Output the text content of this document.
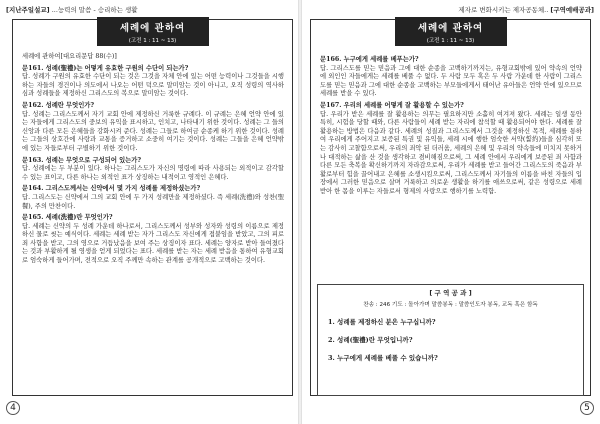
[지난주일설교] ...능력의 말씀 - 승리하는 생활
세례에 관하여
(고전 1 : 11 ~ 13)

세례에 관하여[대요리문답 88(수)]

문161. 성례(聖禮)는 어떻게 유효한 구원의 수단이 되는가?

답. 성례가 구원의 유효한 수단이 되는 것은 그것을 자체 안에 있는 어떤 능력이나 그것들을 시행하는 자들의 경건이나 의도에서 나오는 어떤 덕으로 말미암는 것이 아니고, 오직 성령의 역사하심과 성례들을 제정하신 그리스도의 복으로 말미암는 것이다.

문162. 성례란 무엇인가?

답. 성례는 그리스도께서 자기 교회 안에 제정하신 거룩한 규례다. 이 규례는 은혜 언약 안에 있는 자들에게 그리스도의 중보의 유익을 표시하고, 인치고, 나타내기 위한 것이다. 성례는 그 들의 신앙과 다른 모든 은혜들을 강화시켜 준다. 성례는 그들로 하여금 순종케 하기 위한 것이다. 성례는 그들의 상호간에 사랑과 교통을 증거하고 소중히 여기는 것이다. 성례는 그들을 은혜 언약밖에 있는 자들로부터 구별하기 위한 것이다.

문163. 성례는 무엇으로 구성되어 있는가?

답. 성례에는 두 부분이 있다. 하나는 그리스도가 자신의 명령에 따라 사용되는 외적이고 감각할 수 있는 표이고, 다른 하나는 외적인 표가 상징하는 내적이고 영적인 은혜다.

문164. 그리스도께서는 신약에서 몇 가지 성례를 제정하셨는가?

답. 그리스도는 신약에서 그의 교회 안에 두 가지 성례만을 제정하셨다. 즉 세례(洗禮)와 성찬(聖餐), 주의 만찬이다.

문165. 세례(洗禮)란 무엇인가?

답. 세례는 신약의 두 성례 가운데 하나로서, 그리스도께서 성부와 성자와 성령의 이름으로 제정하신 물로 씻는 예식이다. 세례는 세례 받는 자가 그리스도 자신에게 접붙임을 받았고, 그의 피로 죄 사함을 받고, 그의 영으로 거듭났음을 보여 주는 상징이자 표다. 세례는 양자로 받아 들여졌다는 것과 부활하게 될 영생을 얻게 되었다는 표다. 세례를 받는 자는 세례 받음을 통하여 유형교회로 엄숙하게 들어가며, 전적으로 오직 주께만 속하는 관계를 공개적으로 고백하는 것이다.

4
제자로 변화시키는 제자공동체.. [구역예배공과]
세례에 관하여
(고전 1 : 11 ~ 13)

문166. 누구에게 세례를 베푸는가?

답. 그리스도를 믿는 믿음과 그에 대한 순종을 고백하기까지는, 유형교회밖에 있어 약속의 언약에 외인인 자들에게는 세례를 베풀 수 없다. 두 사람 모두 혹은 두 사람 가운데 한 사람이 그리스도를 믿는 믿음과 그에 대한 순종을 고백하는 부모들에게서 태어난 유아들은 언약 안에 있으므로 세례를 받을 수 있다.

문167. 우리의 세례를 어떻게 잘 활용할 수 있는가?

답. 우리가 받은 세례를 잘 활용하는 의무는 필요하지만 소홀히 여겨져 왔다. 세례는 일생 동안 특히, 시험을 당할 때와, 다른 사람들이 세례 받는 자리에 참석할 때 활용되어야 한다. 세례를 잘 활용하는 방법은 다음과 같다. 세례의 성질과 그리스도께서 그것을 제정하신 목적, 세례를 통하여 우리에게 주어지고 보증된 특권 및 유익들, 세례 시에 행한 엄숙한 서약(誓約)들을 심각히 또는 감사히 고찰함으로써, 우리의 죄악 된 더러움, 세례의 은혜 및 우리의 약속들에 미치지 못하거나 대적하는 삶을 산 것을 생각하고 겸비해짐으로써, 그 세례 안에서 우리에게 보증된 죄 사함과 다른 모든 축복을 확신하기까지 자라감으로써, 우리가 세례를 받고 들어간 그리스도의 죽음과 부활로부터 힘을 끌어내고 은혜를 소생시킴으로써, 그리스도께서 자기들의 이름을 바친 자들의 입장에서 그러한 믿음으로 살며 거룩하고 의로운 생활을 하기를 애쓰으로써, 같은 성령으로 세례 받아 한 몸을 이루는 자들로서 형제의 사랑으로 행하기를 노력함.

[ 구 역 공 과 ]
찬송 : 246 기도 : 돌아가며 말씀봉독 : 말씀인도자 봉독, 교독 혹은 함독
1. 성례를 제정하신 분은 누구십니까?
2. 성례(聖禮)란 무엇입니까?
3. 누구에게 세례를 베풀 수 있습니까?
5
